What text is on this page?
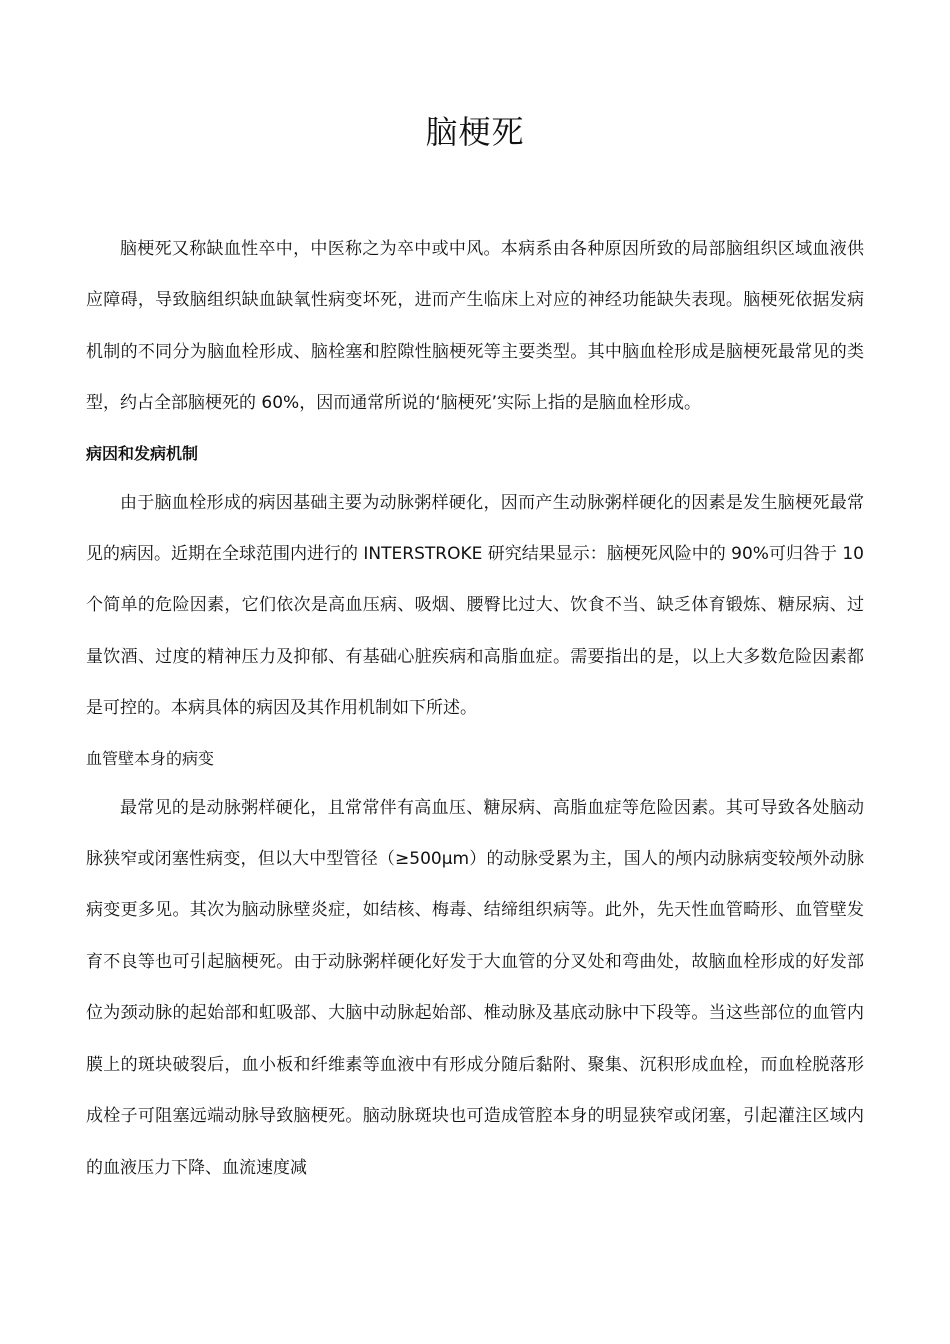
脑梗死

脑梗死又称缺血性卒中，中医称之为卒中或中风。本病系由各种原因所致的局部脑组织区域血液供应障碍，导致脑组织缺血缺氧性病变坏死，进而产生临床上对应的神经功能缺失表现。脑梗死依据发病机制的不同分为脑血栓形成、脑栓塞和腔隙性脑梗死等主要类型。其中脑血栓形成是脑梗死最常见的类型，约占全部脑梗死的 60%，因而通常所说的‘脑梗死’实际上指的是脑血栓形成。

病因和发病机制

由于脑血栓形成的病因基础主要为动脉粥样硬化，因而产生动脉粥样硬化的因素是发生脑梗死最常见的病因。近期在全球范围内进行的 INTERSTROKE 研究结果显示：脑梗死风险中的 90%可归咎于 10 个简单的危险因素，它们依次是高血压病、吸烟、腰臀比过大、饮食不当、缺乏体育锻炼、糖尿病、过量饮酒、过度的精神压力及抑郁、有基础心脏疾病和高脂血症。需要指出的是，以上大多数危险因素都是可控的。本病具体的病因及其作用机制如下所述。

血管壁本身的病变

最常见的是动脉粥样硬化，且常常伴有高血压、糖尿病、高脂血症等危险因素。其可导致各处脑动脉狭窄或闭塞性病变，但以大中型管径（≥500μm）的动脉受累为主，国人的颅内动脉病变较颅外动脉病变更多见。其次为脑动脉壁炎症，如结核、梅毒、结缔组织病等。此外，先天性血管畸形、血管壁发育不良等也可引起脑梗死。由于动脉粥样硬化好发于大血管的分叉处和弯曲处，故脑血栓形成的好发部位为颈动脉的起始部和虹吸部、大脑中动脉起始部、椎动脉及基底动脉中下段等。当这些部位的血管内膜上的斑块破裂后，血小板和纤维素等血液中有形成分随后黏附、聚集、沉积形成血栓，而血栓脱落形成栓子可阻塞远端动脉导致脑梗死。脑动脉斑块也可造成管腔本身的明显狭窄或闭塞，引起灌注区域内的血液压力下降、血流速度减
